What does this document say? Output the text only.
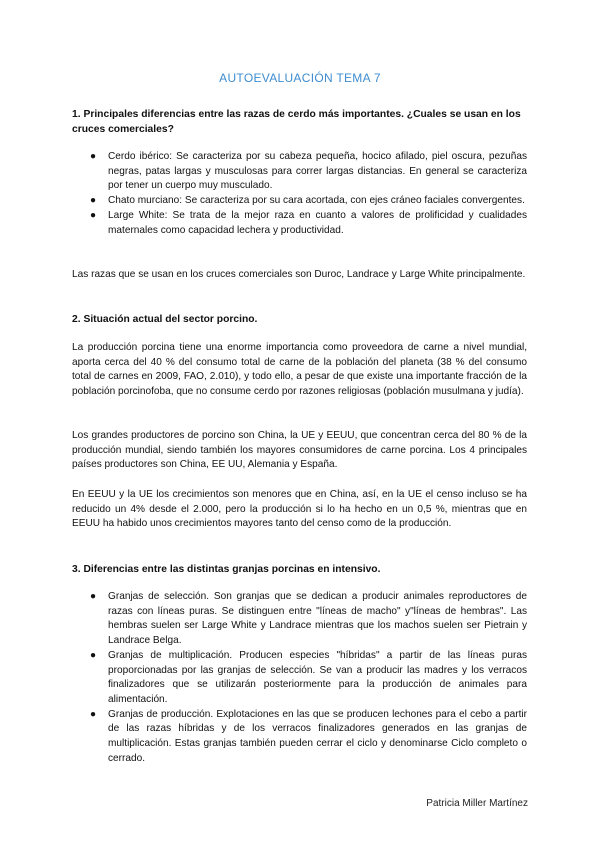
AUTOEVALUACIÓN TEMA 7
1. Principales diferencias entre las razas de cerdo más importantes. ¿Cuales se usan en los cruces comerciales?
● Cerdo ibérico: Se caracteriza por su cabeza pequeña, hocico afilado, piel oscura, pezuñas negras, patas largas y musculosas para correr largas distancias. En general se caracteriza por tener un cuerpo muy musculado.
● Chato murciano: Se caracteriza por su cara acortada, con ejes cráneo faciales convergentes.
● Large White: Se trata de la mejor raza en cuanto a valores de prolificidad y cualidades maternales como capacidad lechera y productividad.
Las razas que se usan en los cruces comerciales son Duroc, Landrace y Large White principalmente.
2. Situación actual del sector porcino.
La producción porcina tiene una enorme importancia como proveedora de carne a nivel mundial, aporta cerca del 40 % del consumo total de carne de la población del planeta (38 % del consumo total de carnes en 2009, FAO, 2.010), y todo ello, a pesar de que existe una importante fracción de la población porcinofoba, que no consume cerdo por razones religiosas (población musulmana y judía).
Los grandes productores de porcino son China, la UE y EEUU, que concentran cerca del 80 % de la producción mundial, siendo también los mayores consumidores de carne porcina. Los 4 principales países productores son China, EE UU, Alemania y España.
En EEUU y la UE los crecimientos son menores que en China, así, en la UE el censo incluso se ha reducido un 4% desde el 2.000, pero la producción si lo ha hecho en un 0,5 %, mientras que en EEUU ha habido unos crecimientos mayores tanto del censo como de la producción.
3. Diferencias entre las distintas granjas porcinas en intensivo.
● Granjas de selección. Son granjas que se dedican a producir animales reproductores de razas con líneas puras. Se distinguen entre "líneas de macho" y"líneas de hembras". Las hembras suelen ser Large White y Landrace mientras que los machos suelen ser Pietrain y Landrace Belga.
● Granjas de multiplicación. Producen especies "híbridas" a partir de las líneas puras proporcionadas por las granjas de selección. Se van a producir las madres y los verracos finalizadores que se utilizarán posteriormente para la producción de animales para alimentación.
● Granjas de producción. Explotaciones en las que se producen lechones para el cebo a partir de las razas híbridas y de los verracos finalizadores generados en las granjas de multiplicación. Estas granjas también pueden cerrar el ciclo y denominarse Ciclo completo o cerrado.
Patricia Miller Martínez
